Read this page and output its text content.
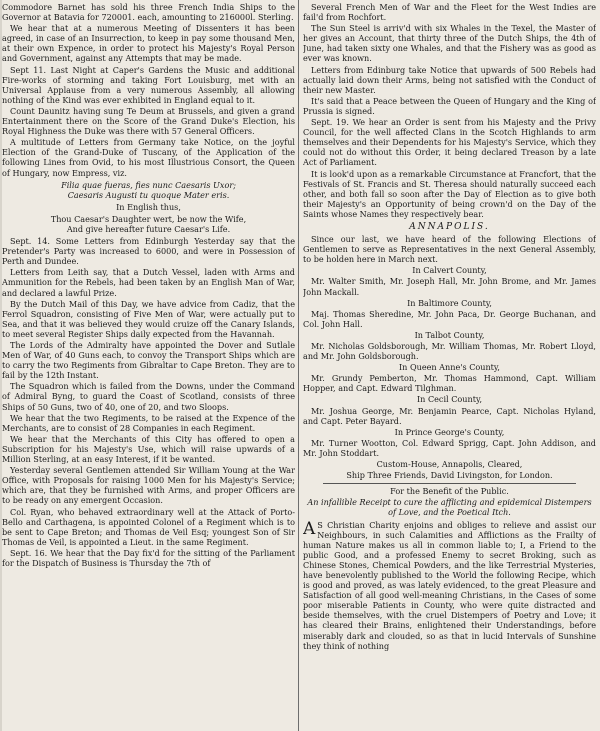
Commodore Barnet has sold his three French India Ships to the Governor at Batavia for 720001. each, amounting to 216000l. Sterling.

We hear that at a numerous Meeting of Dissenters it has been agreed, in case of an Insurrection, to keep in pay some thousand Men, at their own Expence, in order to protect his Majesty's Royal Person and Government, against any Attempts that may be made.

Sept 11. Last Night at Caper's Gardens the Music and additional Fire-works of storming and taking Fort Louisburg, met with an Universal Applause from a very numerous Assembly, all allowing nothing of the Kind was ever exhibited in England equal to it.

Count Daunitz having sung Te Deum at Brussels, and given a grand Entertainment there on the Score of the Grand Duke's Election, his Royal Highness the Duke was there with 57 General Officers.

A multitude of Letters from Germany take Notice, on the joyful Election of the Grand-Duke of Tuscany, of the Application of the following Lines from Ovid, to his most Illustrious Consort, the Queen of Hungary, now Empress, viz.

Filia quae fueras, fies nunc Caesaris Uxor;
Caesaris Augusti tu quoque Mater eris.
In English thus,
Thou Caesar's Daughter wert, be now the Wife,
And give hereafter future Caesar's Life.

Sept. 14. Some Letters from Edinburgh Yesterday say that the Pretender's Party was increased to 6000, and were in Possession of Perth and Dundee.

Letters from Leith say, that a Dutch Vessel, laden with Arms and Ammunition for the Rebels, had been taken by an English Man of War, and declared a lawful Prize.

By the Dutch Mail of this Day, we have advice from Cadiz, that the Ferrol Squadron, consisting of Five Men of War, were actually put to Sea, and that it was believed they would cruize off the Canary Islands, to meet several Register Ships daily expected from the Havannah.

The Lords of the Admiralty have appointed the Dover and Sutlale Men of War, of 40 Guns each, to convoy the Transport Ships which are to carry the two Regiments from Gibraltar to Cape Breton. They are to fail by the 12th Instant.

The Squadron which is failed from the Downs, under the Command of Admiral Byng, to guard the Coast of Scotland, consists of three Ships of 50 Guns, two of 40, one of 20, and two Sloops.

We hear that the two Regiments, to be raised at the Expence of the Merchants, are to consist of 28 Companies in each Regiment.

We hear that the Merchants of this City has offered to open a Subscription for his Majesty's Use, which will raise upwards of a Million Sterling, at an easy Interest, if it be wanted.

Yesterday several Gentlemen attended Sir William Young at the War Office, with Proposals for raising 1000 Men for his Majesty's Service; which are, that they be furnished with Arms, and proper Officers are to be ready on any emergent Occasion.

Col. Ryan, who behaved extraordinary well at the Attack of Porto-Bello and Carthagena, is appointed Colonel of a Regiment which is to be sent to Cape Breton; and Thomas de Veil Esq; youngest Son of Sir Thomas de Veil, is appointed a Lieut. in the same Regiment.

Sept. 16. We hear that the Day fix'd for the sitting of the Parliament for the Dispatch of Business is Thursday the 7th of

Several French Men of War and the Fleet for the West Indies are fail'd from Rochfort.

The Sun Steel is arriv'd with six Whales in the Texel, the Master of her gives an Account, that thirty three of the Dutch Ships, the 4th of June, had taken sixty one Whales, and that the Fishery was as good as ever was known.

Letters from Edinburg take Notice that upwards of 500 Rebels had actually laid down their Arms, being not satisfied with the Conduct of their new Master.

It's said that a Peace between the Queen of Hungary and the King of Prussia is signed.

Sept. 19. We hear an Order is sent from his Majesty and the Privy Council, for the well affected Clans in the Scotch Highlands to arm themselves and their Dependents for his Majesty's Service, which they could not do without this Order, it being declared Treason by a late Act of Parliament.

It is look'd upon as a remarkable Circumstance at Francfort, that the Festivals of St. Francis and St. Theresa should naturally succeed each other, and both fall so soon after the Day of Election as to give both their Majesty's an Opportunity of being crown'd on the Day of the Saints whose Names they respectively bear.

ANNAPOLIS.

Since our last, we have heard of the following Elections of Gentlemen to serve as Representatives in the next General Assembly, to be holden here in March next.

In Calvert County,

Mr. Walter Smith, Mr. Joseph Hall, Mr. John Brome, and Mr. James John Mackall.

In Baltimore County,

Maj. Thomas Sheredine, Mr. John Paca, Dr. George Buchanan, and Col. John Hall.

In Talbot County,

Mr. Nicholas Goldsborough, Mr. William Thomas, Mr. Robert Lloyd, and Mr. John Goldsborough.

In Queen Anne's County,

Mr. Grundy Pemberton, Mr. Thomas Hammond, Capt. William Hopper, and Capt. Edward Tilghman.

In Cecil County,

Mr. Joshua George, Mr. Benjamin Pearce, Capt. Nicholas Hyland, and Capt. Peter Bayard.

In Prince George's County,

Mr. Turner Wootton, Col. Edward Sprigg, Capt. John Addison, and Mr. John Stoddart.

Custom-House, Annapolis, Cleared,

Ship Three Friends, David Livingston, for London.

For the Benefit of the Public.
An infallible Receipt to cure the afflicting and epidemical Distempers of Love, and the Poetical Itch.

A S Christian Charity enjoins and obliges to relieve and assist our Neighbours, in such Calamities and Afflictions as the Frailty of human Nature makes us all in common liable to; I, a Friend to the public Good, and a professed Enemy to secret Broking, such as Chinese Stones, Chemical Powders, and the like Terrestrial Mysteries, have benevolently published to the World the following Recipe, which is good and proved, as was lately evidenced, to the great Pleasure and Satisfaction of all good well-meaning Christians, in the Cases of some poor miserable Patients in County, who were quite distracted and beside themselves, with the cruel Distempers of Poetry and Love; it has cleared their Brains, enlightened their Understandings, before miserably dark and clouded, so as that in lucid Intervals of Sunshine they think of nothing
